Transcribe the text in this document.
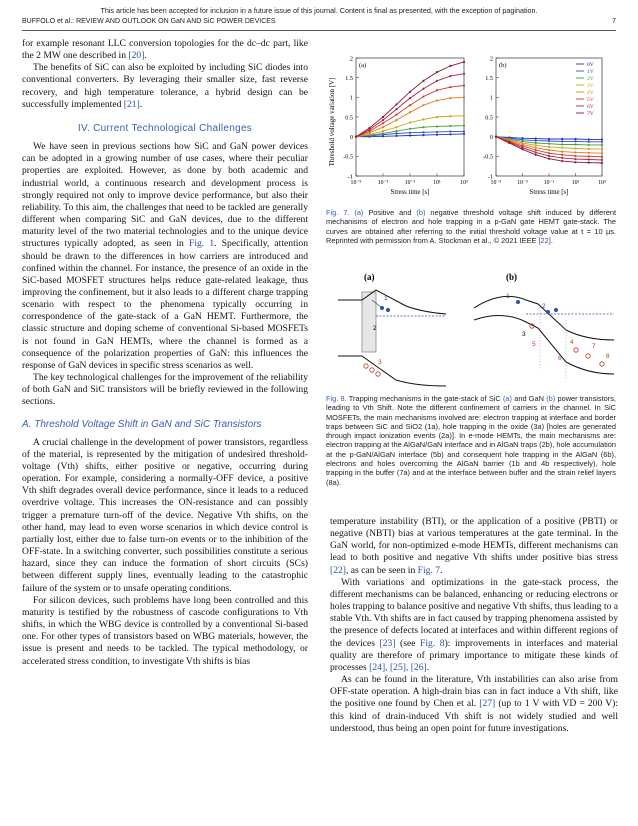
This article has been accepted for inclusion in a future issue of this journal. Content is final as presented, with the exception of pagination.
BUFFOLO et al.: REVIEW AND OUTLOOK ON GaN AND SiC POWER DEVICES	7

for example resonant LLC conversion topologies for the dc–dc part, like the 2 MW one described in [20].

The benefits of SiC can also be exploited by including SiC diodes into conventional converters. By leveraging their smaller size, fast reverse recovery, and high temperature tolerance, a hybrid design can be successfully implemented [21].

IV. Current Technological Challenges

We have seen in previous sections how SiC and GaN power devices can be adopted in a growing number of use cases, where their peculiar properties are exploited. However, as done by both academic and industrial world, a continuous research and development process is strongly required not only to improve device performance, but also their reliability. To this aim, the challenges that need to be tackled are generally different when comparing SiC and GaN devices, due to the different maturity level of the two material technologies and to the unique device structures typically adopted, as seen in Fig. 1. Specifically, attention should be drawn to the differences in how carriers are introduced and confined within the channel. For instance, the presence of an oxide in the SiC-based MOSFET structures helps reduce gate-related leakage, thus improving the confinement, but it also leads to a different charge trapping scenario with respect to the phenomena typically occurring in correspondence of the gate-stack of a GaN HEMT. Furthermore, the classic structure and doping scheme of conventional Si-based MOSFETs is not found in GaN HEMTs, where the channel is formed as a consequence of the polarization properties of GaN: this influences the response of GaN devices in specific stress scenarios as well.

The key technological challenges for the improvement of the reliability of both GaN and SiC transistors will be briefly reviewed in the following sections.

A. Threshold Voltage Shift in GaN and SiC Transistors

A crucial challenge in the development of power transistors, regardless of the material, is represented by the mitigation of undesired threshold-voltage (Vth) shifts, either positive or negative, occurring during operation. For example, considering a normally-OFF device, a positive Vth shift degrades overall device performance, since it leads to a reduced overdrive voltage. This increases the ON-resistance and can possibly trigger a premature turn-off of the device. Negative Vth shifts, on the other hand, may lead to even worse scenarios in which device control is partially lost, either due to false turn-on events or to the inhibition of the OFF-state. In a switching converter, such possibilities constitute a serious hazard, since they can induce the formation of short circuits (SCs) between different supply lines, eventually leading to the catastrophic failure of the system or to unsafe operating conditions.

For silicon devices, such problems have long been controlled and this maturity is testified by the robustness of cascode configurations to Vth shifts, in which the WBG device is controlled by a conventional Si-based one. For other types of transistors based on WBG materials, however, the issue is present and needs to be tackled. The typical methodology, or accelerated stress condition, to investigate Vth shifts is bias

Threshold voltage variation [V]
2
1.5
1
0.5
0
-0.5
-1
10⁻⁵	10⁻³	10⁻¹	10¹	10³
Stress time [s]
(a)
2
1.5
1
0.5
0
-0.5
-1
10⁻⁵	10⁻³	10⁻¹	10¹	10³
Stress time [s]
(b)	0V
1V
2V
3V
4V
5V
6V
7V
Fig. 7. (a) Positive and (b) negative threshold voltage shift induced by different mechanisms of electron and hole trapping in a p-GaN gate HEMT gate-stack. The curves are obtained after referring to the initial threshold voltage value at t = 10 μs. Reprinted with permission from A. Stockman et al., © 2021 IEEE [22].
(a)	(b)
1
2
3
1
2
3
4
5
6
7
8
Fig. 8. Trapping mechanisms in the gate-stack of SiC (a) and GaN (b) power transistors, leading to Vth Shift. Note the different confinement of carriers in the channel. In SiC MOSFETs, the main mechanisms involved are: electron trapping at interface and border traps between SiC and SiO2 (1a), hole trapping in the oxide (3a) [holes are generated through impact ionization events (2a)]. In e-mode HEMTs, the main mechanisms are: electron trapping at the AlGaN/GaN interface and in AlGaN traps (2b), hole accumulation at the p-GaN/AlGaN interface (5b) and consequent hole trapping in the AlGaN (6b), electrons and holes overcoming the AlGaN barrier (1b and 4b respectively), hole trapping in the buffer (7a) and at the interface between buffer and the strain relief layers (8a).

temperature instability (BTI), or the application of a positive (PBTI) or negative (NBTI) bias at various temperatures at the gate terminal. In the GaN world, for non-optimized e-mode HEMTs, different mechanisms can lead to both positive and negative Vth shifts under positive bias stress [22], as can be seen in Fig. 7.

With variations and optimizations in the gate-stack process, the different mechanisms can be balanced, enhancing or reducing electrons or holes trapping to balance positive and negative Vth shifts, thus leading to a stable Vth. Vth shifts are in fact caused by trapping phenomena assisted by the presence of defects located at interfaces and within different regions of the devices [23] (see Fig. 8): improvements in interfaces and material quality are therefore of primary importance to mitigate these kinds of processes [24], [25], [26].

As can be found in the literature, Vth instabilities can also arise from OFF-state operation. A high-drain bias can in fact induce a Vth shift, like the positive one found by Chen et al. [27] (up to 1 V with VD = 200 V): this kind of drain-induced Vth shift is not widely studied and well understood, thus being an open point for future investigations.
